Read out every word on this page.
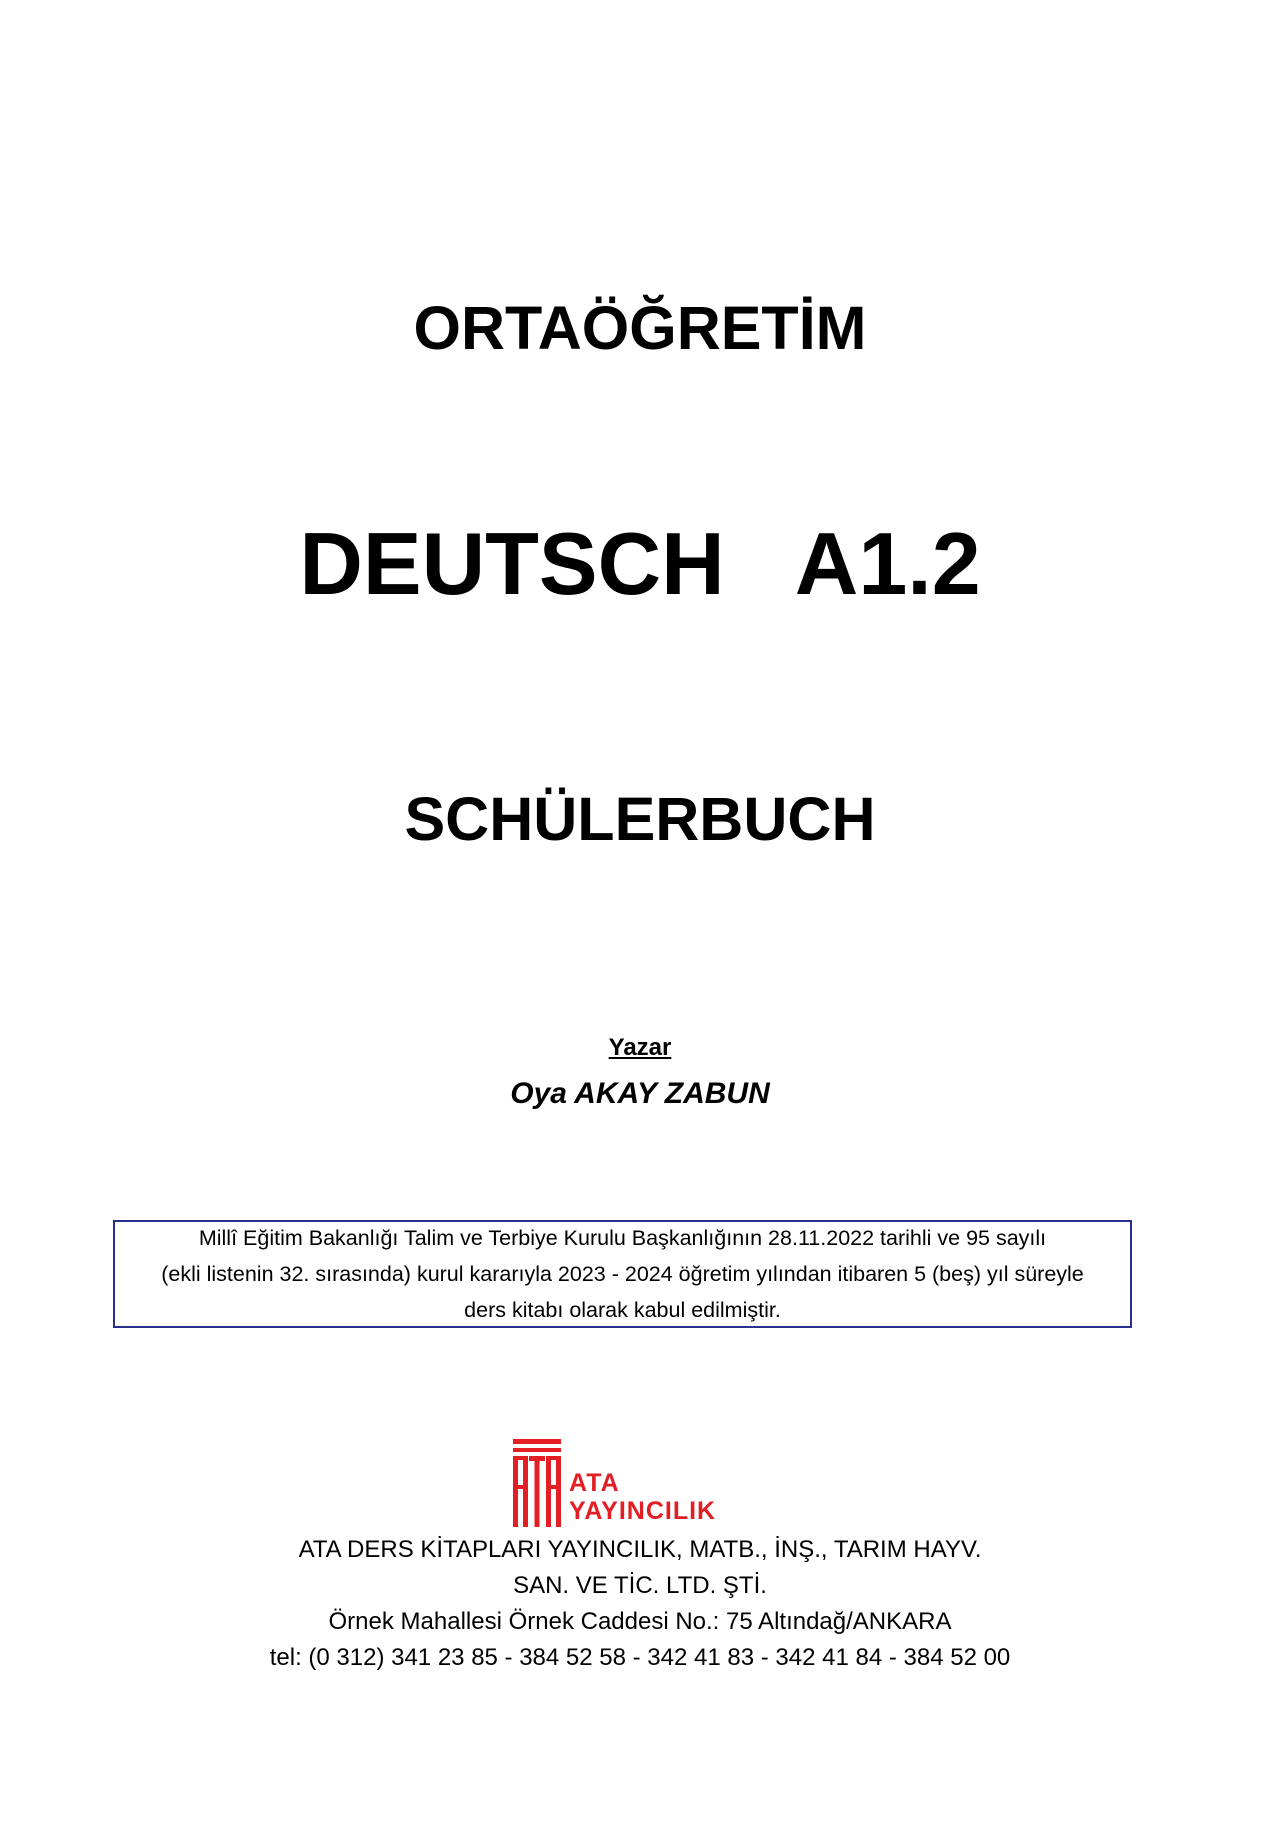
ORTAÖĞRETİM
DEUTSCH   A1.2
SCHÜLERBUCH
Yazar
Oya AKAY ZABUN
Millî Eğitim Bakanlığı Talim ve Terbiye Kurulu Başkanlığının 28.11.2022 tarihli ve 95 sayılı
(ekli listenin 32. sırasında) kurul kararıyla 2023 - 2024 öğretim yılından itibaren 5 (beş) yıl süreyle
ders kitabı olarak kabul edilmiştir.
ATA
YAYINCILIK
ATA DERS KİTAPLARI YAYINCILIK, MATB., İNŞ., TARIM HAYV.
SAN. VE TİC. LTD. ŞTİ.
Örnek Mahallesi Örnek Caddesi No.: 75 Altındağ/ANKARA
tel: (0 312) 341 23 85 - 384 52 58 - 342 41 83 - 342 41 84 - 384 52 00
